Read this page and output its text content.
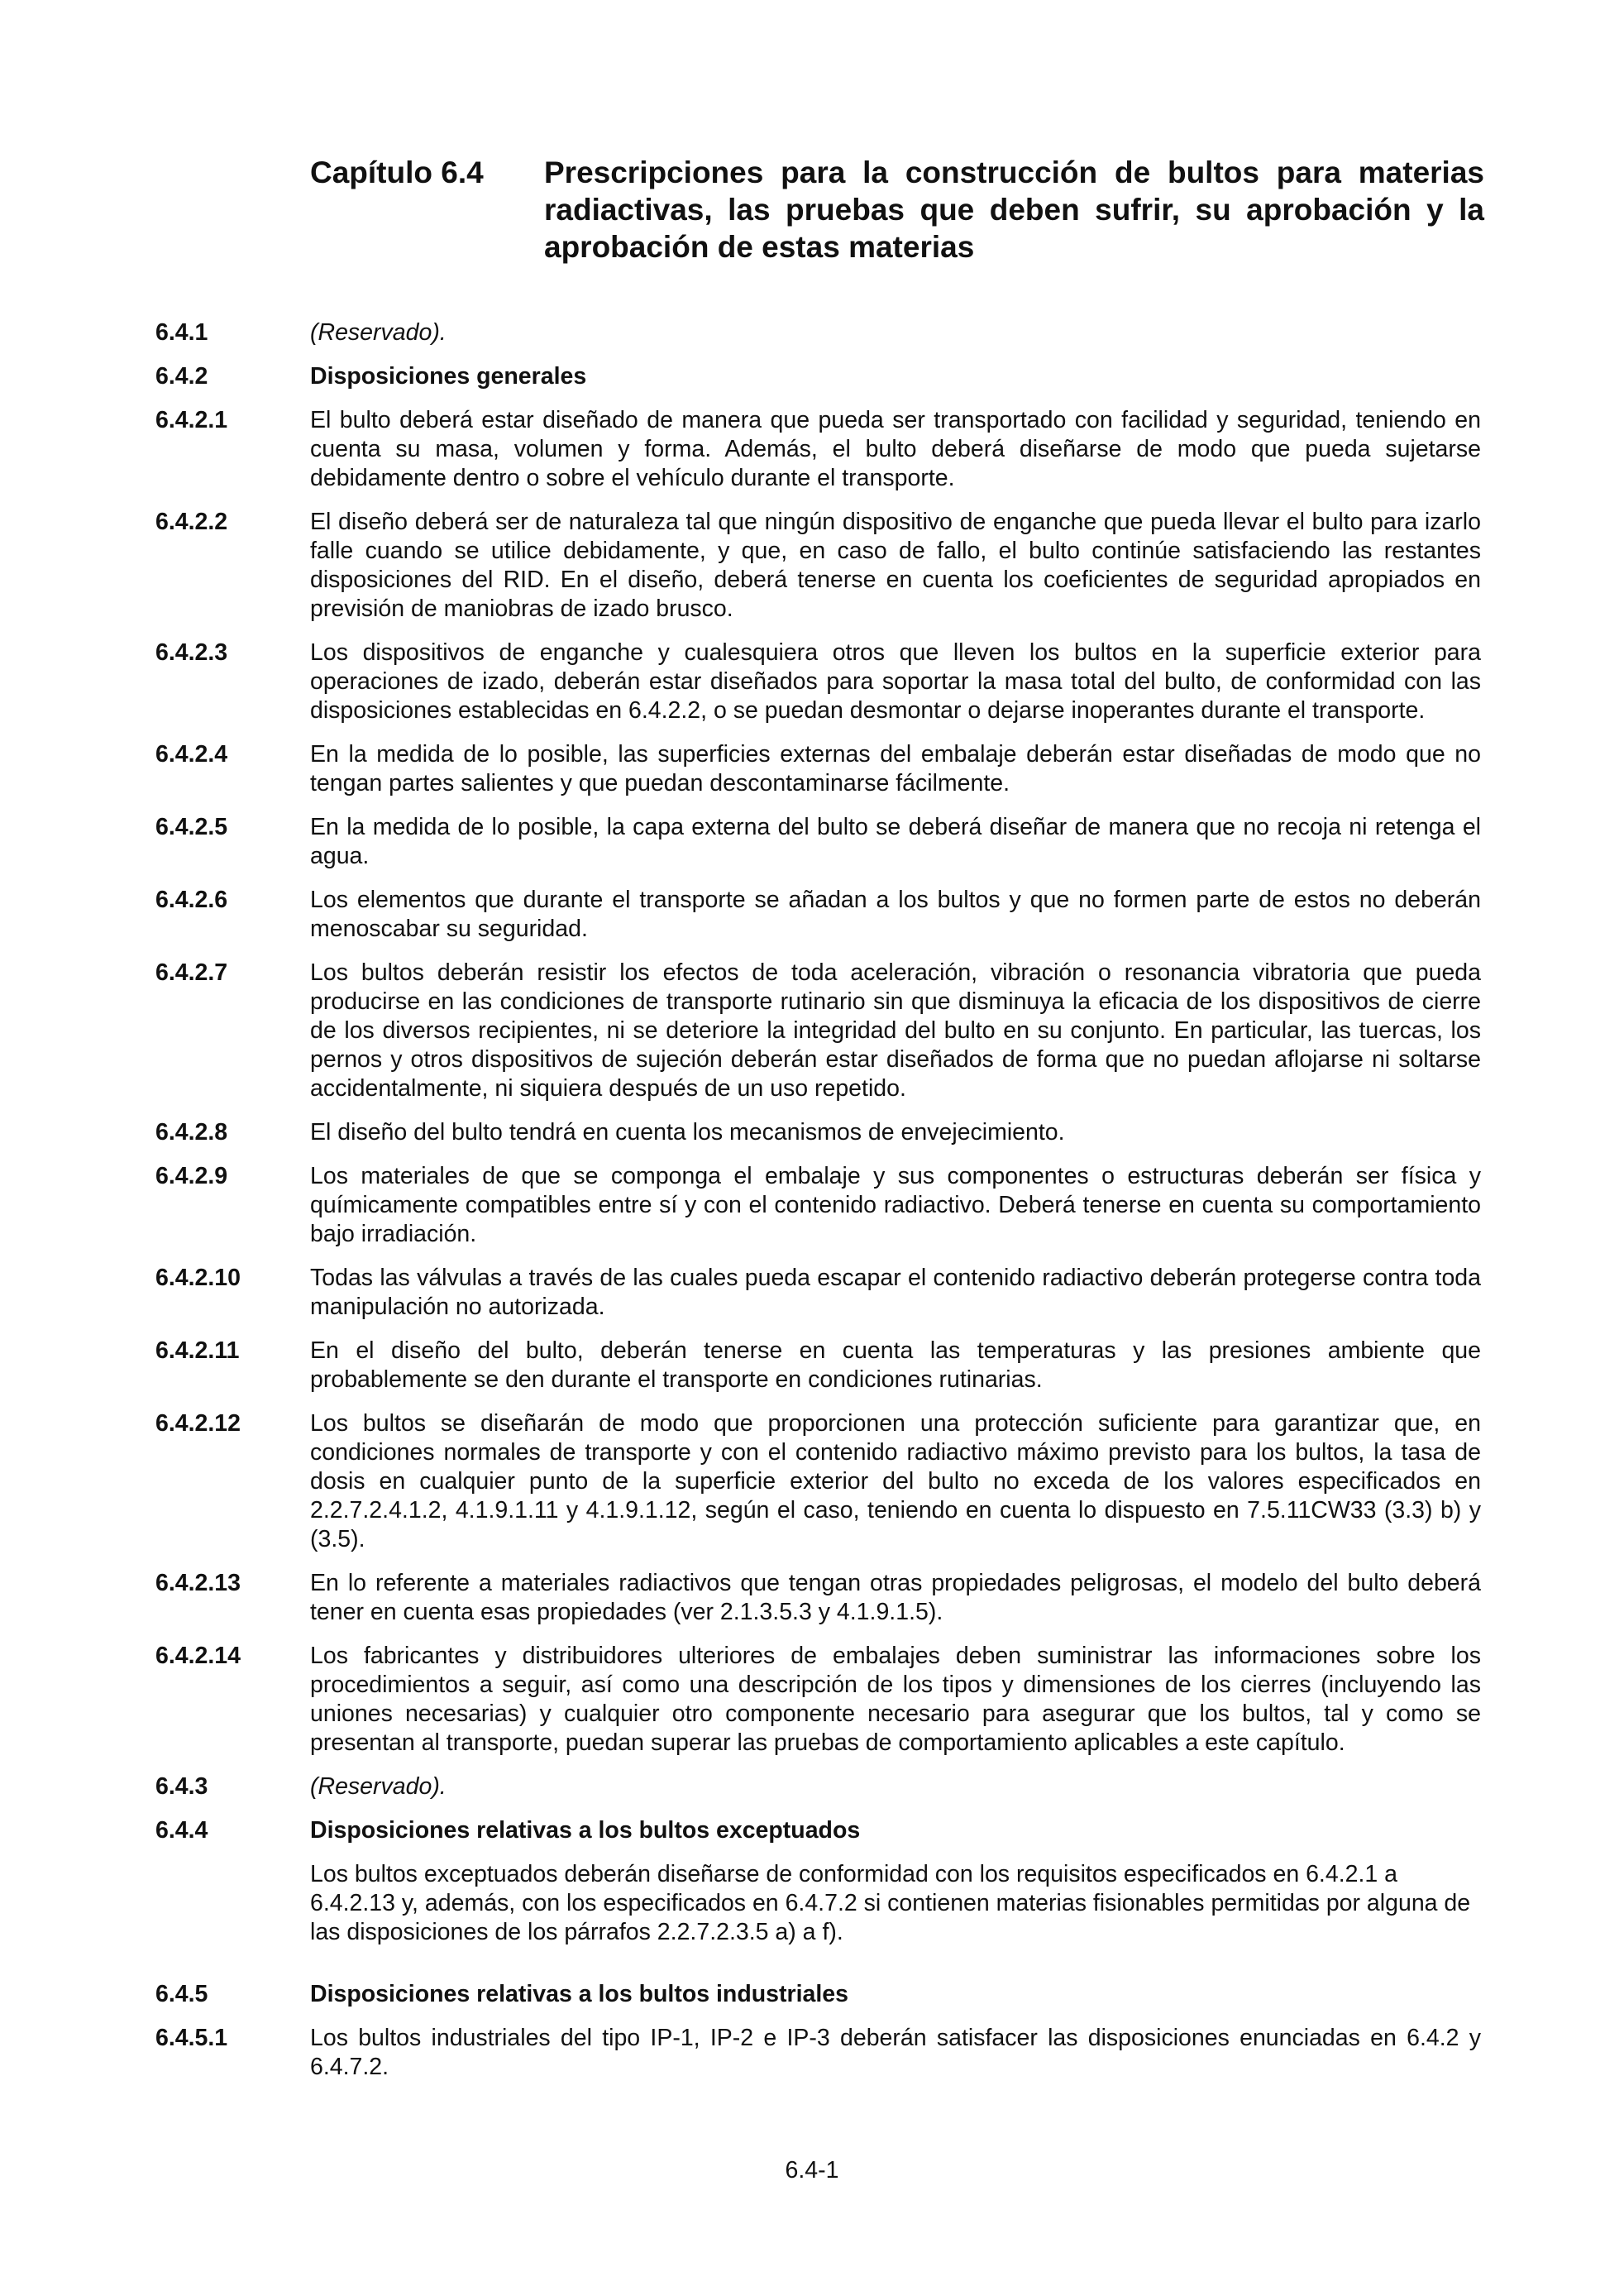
Capítulo 6.4	Prescripciones para la construcción de bultos para materias radiactivas, las pruebas que deben sufrir, su aprobación y la aprobación de estas materias
6.4.1	(Reservado).
6.4.2	Disposiciones generales
6.4.2.1	El bulto deberá estar diseñado de manera que pueda ser transportado con facilidad y seguridad, teniendo en cuenta su masa, volumen y forma. Además, el bulto deberá diseñarse de modo que pueda sujetarse debidamente dentro o sobre el vehículo durante el transporte.
6.4.2.2	El diseño deberá ser de naturaleza tal que ningún dispositivo de enganche que pueda llevar el bulto para izarlo falle cuando se utilice debidamente, y que, en caso de fallo, el bulto continúe satisfaciendo las restantes disposiciones del RID. En el diseño, deberá tenerse en cuenta los coeficientes de seguridad apropiados en previsión de maniobras de izado brusco.
6.4.2.3	Los dispositivos de enganche y cualesquiera otros que lleven los bultos en la superficie exterior para operaciones de izado, deberán estar diseñados para soportar la masa total del bulto, de conformidad con las disposiciones establecidas en 6.4.2.2, o se puedan desmontar o dejarse inoperantes durante el transporte.
6.4.2.4	En la medida de lo posible, las superficies externas del embalaje deberán estar diseñadas de modo que no tengan partes salientes y que puedan descontaminarse fácilmente.
6.4.2.5	En la medida de lo posible, la capa externa del bulto se deberá diseñar de manera que no recoja ni retenga el agua.
6.4.2.6	Los elementos que durante el transporte se añadan a los bultos y que no formen parte de estos no deberán menoscabar su seguridad.
6.4.2.7	Los bultos deberán resistir los efectos de toda aceleración, vibración o resonancia vibratoria que pueda producirse en las condiciones de transporte rutinario sin que disminuya la eficacia de los dispositivos de cierre de los diversos recipientes, ni se deteriore la integridad del bulto en su conjunto. En particular, las tuercas, los pernos y otros dispositivos de sujeción deberán estar diseñados de forma que no puedan aflojarse ni soltarse accidentalmente, ni siquiera después de un uso repetido.
6.4.2.8	El diseño del bulto tendrá en cuenta los mecanismos de envejecimiento.
6.4.2.9	Los materiales de que se componga el embalaje y sus componentes o estructuras deberán ser física y químicamente compatibles entre sí y con el contenido radiactivo. Deberá tenerse en cuenta su comportamiento bajo irradiación.
6.4.2.10	Todas las válvulas a través de las cuales pueda escapar el contenido radiactivo deberán protegerse contra toda manipulación no autorizada.
6.4.2.11	En el diseño del bulto, deberán tenerse en cuenta las temperaturas y las presiones ambiente que probablemente se den durante el transporte en condiciones rutinarias.
6.4.2.12	Los bultos se diseñarán de modo que proporcionen una protección suficiente para garantizar que, en condiciones normales de transporte y con el contenido radiactivo máximo previsto para los bultos, la tasa de dosis en cualquier punto de la superficie exterior del bulto no exceda de los valores especificados en 2.2.7.2.4.1.2, 4.1.9.1.11 y 4.1.9.1.12, según el caso, teniendo en cuenta lo dispuesto en 7.5.11CW33 (3.3) b) y (3.5).
6.4.2.13	En lo referente a materiales radiactivos que tengan otras propiedades peligrosas, el modelo del bulto deberá tener en cuenta esas propiedades (ver 2.1.3.5.3 y 4.1.9.1.5).
6.4.2.14	Los fabricantes y distribuidores ulteriores de embalajes deben suministrar las informaciones sobre los procedimientos a seguir, así como una descripción de los tipos y dimensiones de los cierres (incluyendo las uniones necesarias) y cualquier otro componente necesario para asegurar que los bultos, tal y como se presentan al transporte, puedan superar las pruebas de comportamiento aplicables a este capítulo.
6.4.3	(Reservado).
6.4.4	Disposiciones relativas a los bultos exceptuados
Los bultos exceptuados deberán diseñarse de conformidad con los requisitos especificados en 6.4.2.1 a 6.4.2.13 y, además, con los especificados en 6.4.7.2 si contienen materias fisionables permitidas por alguna de las disposiciones de los párrafos 2.2.7.2.3.5 a) a f).
6.4.5	Disposiciones relativas a los bultos industriales
6.4.5.1	Los bultos industriales del tipo IP-1, IP-2 e IP-3 deberán satisfacer las disposiciones enunciadas en 6.4.2 y 6.4.7.2.
6.4-1
